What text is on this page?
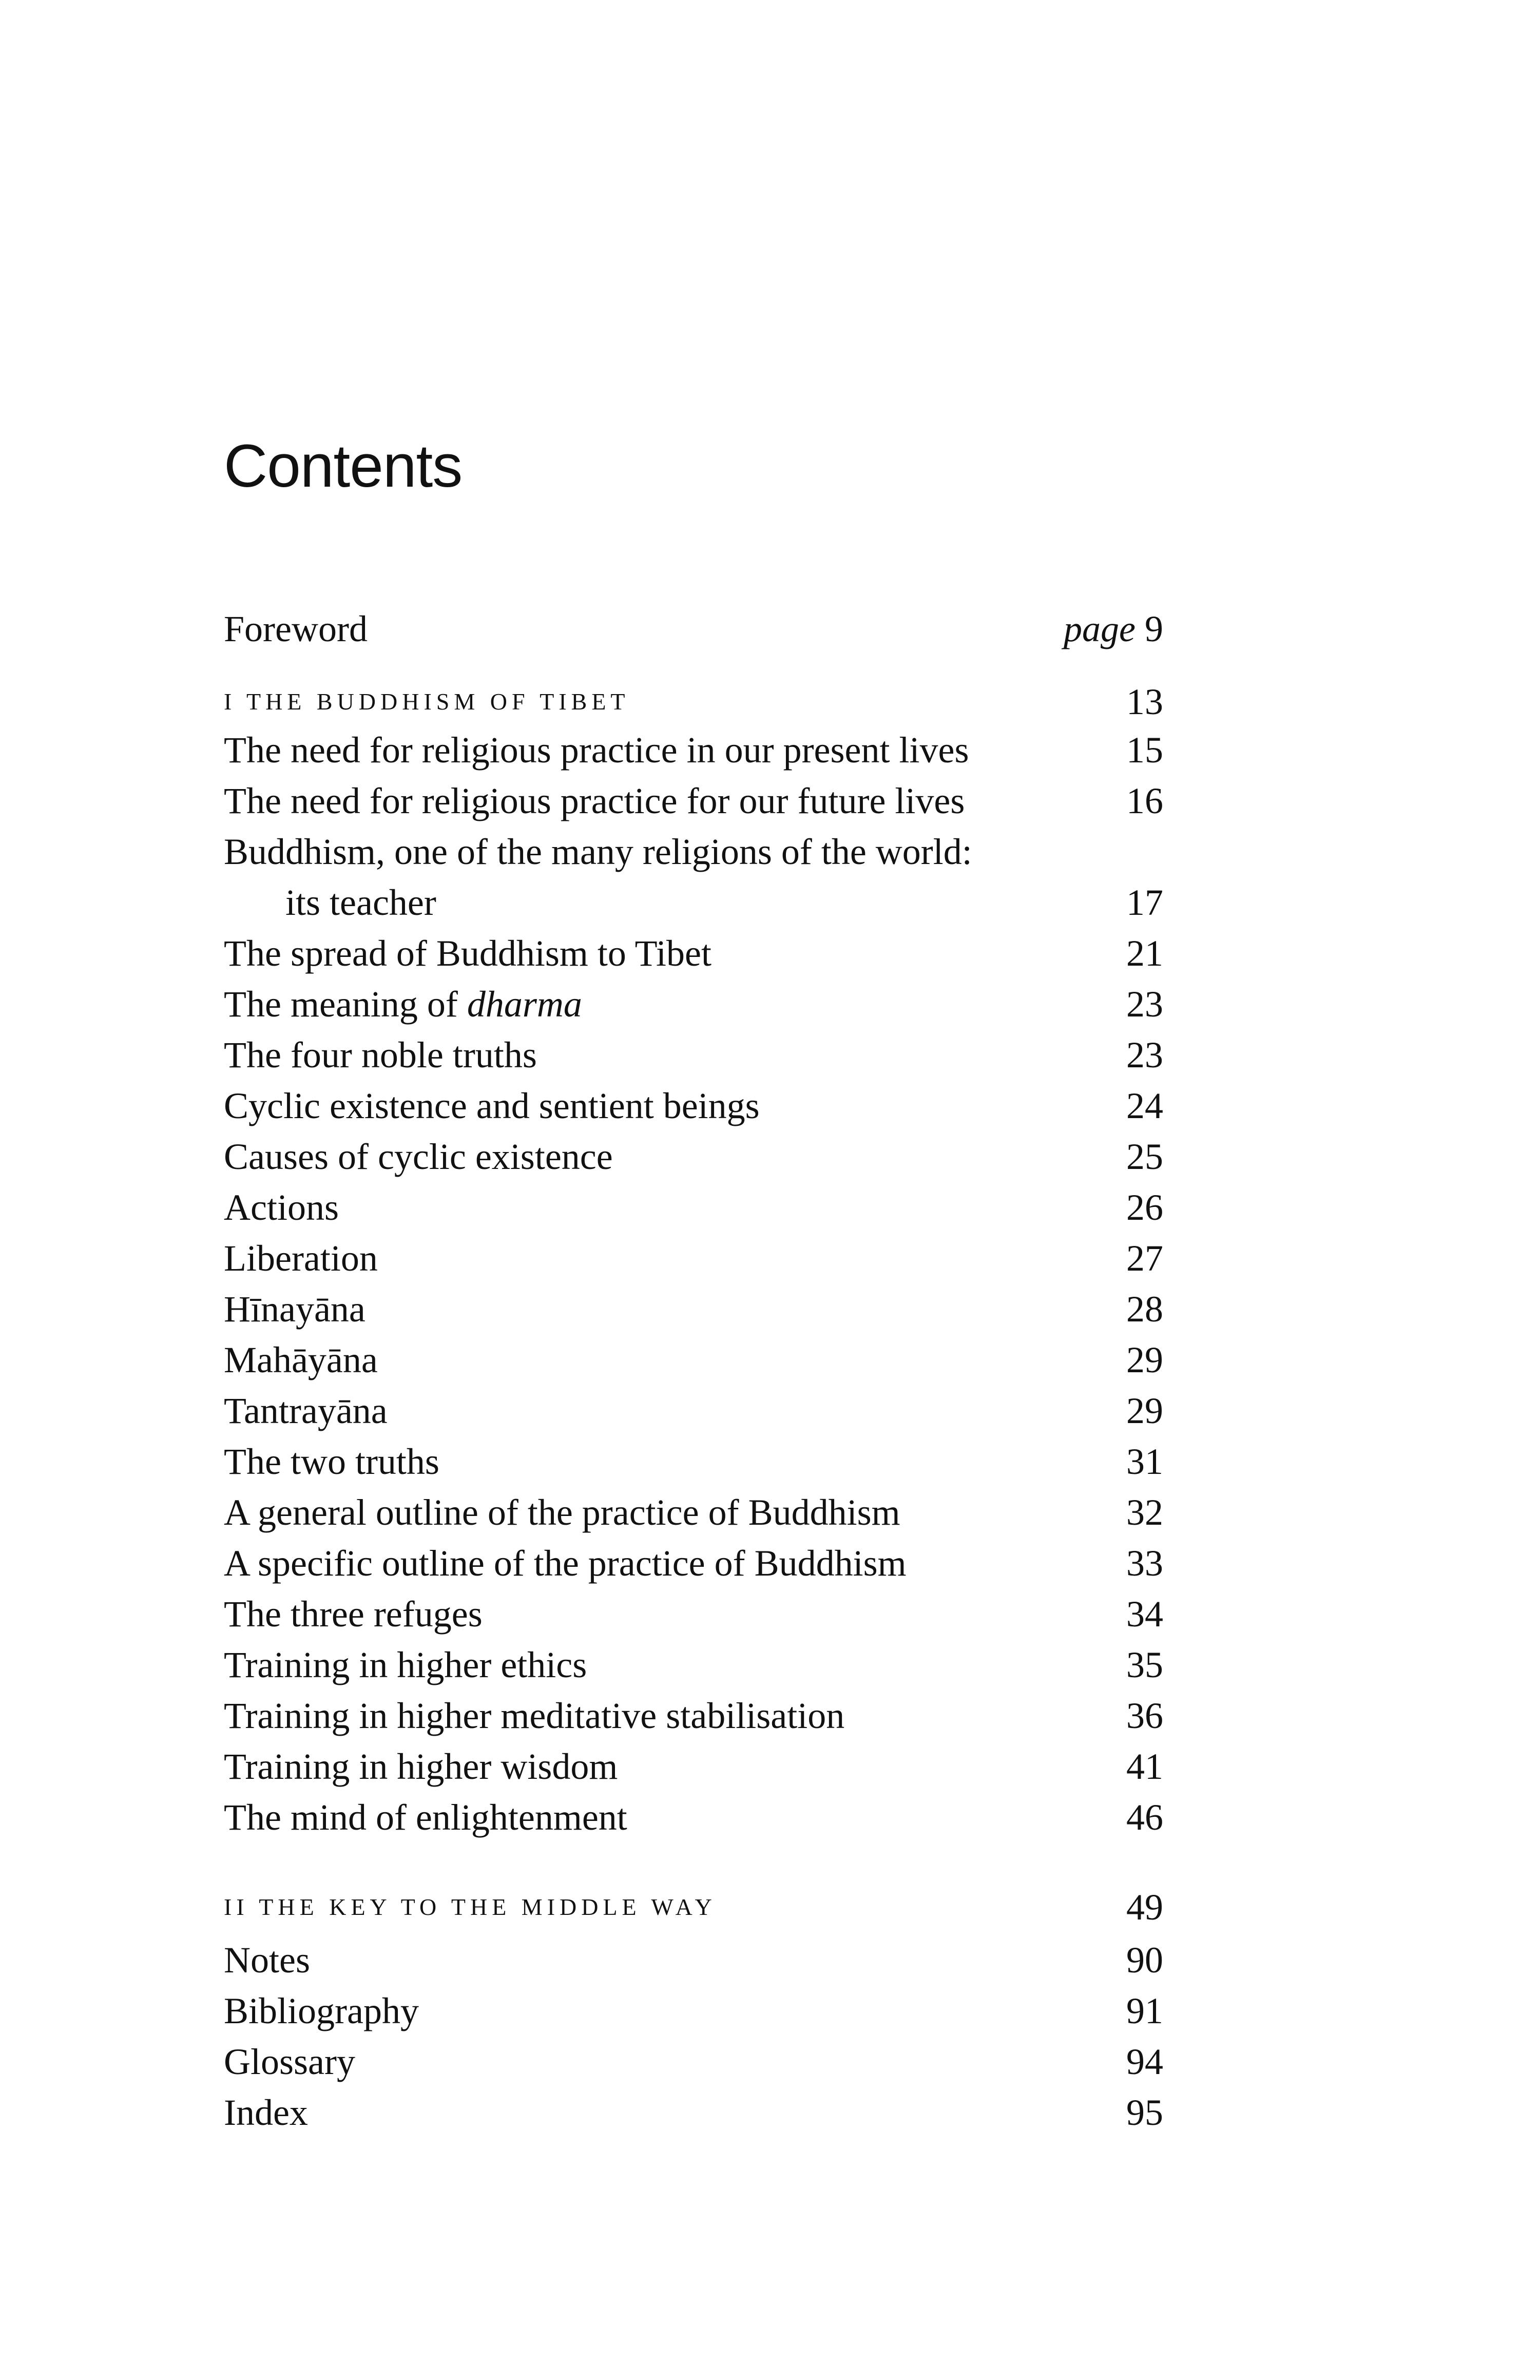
Contents
Foreword	page 9
I THE BUDDHISM OF TIBET	13
The need for religious practice in our present lives	15
The need for religious practice for our future lives	16
Buddhism, one of the many religions of the world:
its teacher	17
The spread of Buddhism to Tibet	21
The meaning of dharma	23
The four noble truths	23
Cyclic existence and sentient beings	24
Causes of cyclic existence	25
Actions	26
Liberation	27
Hīnayāna	28
Mahāyāna	29
Tantrayāna	29
The two truths	31
A general outline of the practice of Buddhism	32
A specific outline of the practice of Buddhism	33
The three refuges	34
Training in higher ethics	35
Training in higher meditative stabilisation	36
Training in higher wisdom	41
The mind of enlightenment	46
II THE KEY TO THE MIDDLE WAY	49
Notes	90
Bibliography	91
Glossary	94
Index	95
